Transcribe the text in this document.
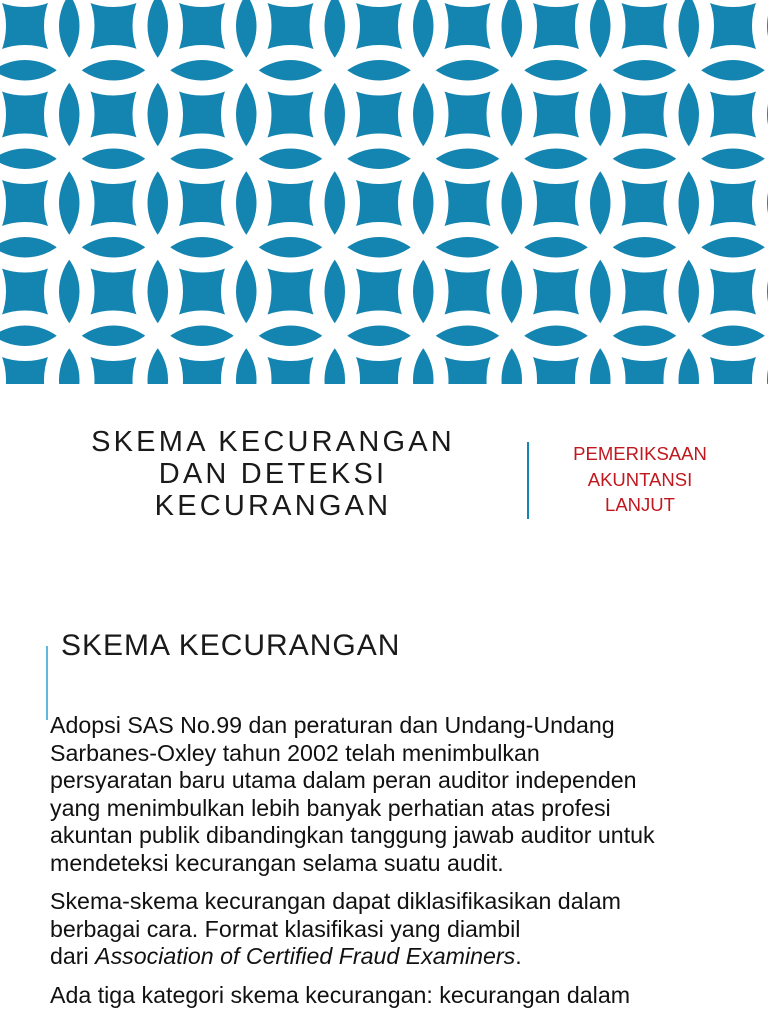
SKEMA KECURANGAN
DAN DETEKSI
KECURANGAN
PEMERIKSAAN
AKUNTANSI
LANJUT
SKEMA KECURANGAN

Adopsi SAS No.99 dan peraturan dan Undang-Undang
Sarbanes-Oxley tahun 2002 telah menimbulkan
persyaratan baru utama dalam peran auditor independen
yang menimbulkan lebih banyak perhatian atas profesi
akuntan publik dibandingkan tanggung jawab auditor untuk
mendeteksi kecurangan selama suatu audit.

Skema-skema kecurangan dapat diklasifikasikan dalam
berbagai cara. Format klasifikasi yang diambil
dari Association of Certified Fraud Examiners.

Ada tiga kategori skema kecurangan: kecurangan dalam
